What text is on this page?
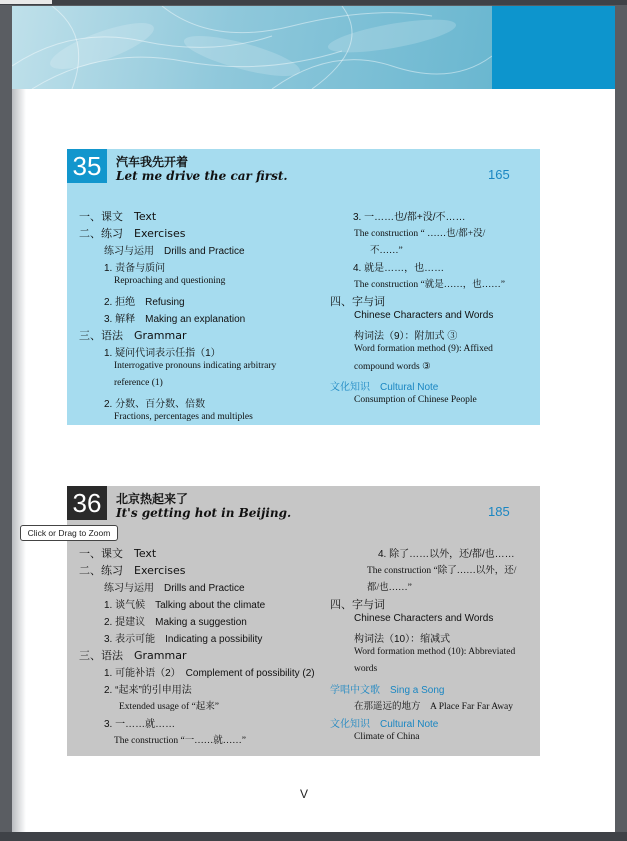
35	汽车我先开着
Let me drive the car first.	165
一、课文　Text
二、练习　Exercises
练习与运用　Drills and Practice
1. 责备与质问
Reproaching and questioning
2. 拒绝　Refusing
3. 解释　Making an explanation
三、语法　Grammar
1. 疑问代词表示任指（1）
Interrogative pronouns indicating arbitrary
reference (1)
2. 分数、百分数、倍数
Fractions, percentages and multiples
3. 一……也/都+没/不……
The construction “ ……也/都+没/
不……”
4. 就是……，也……
The construction “就是……，也……”
四、字与词
Chinese Characters and Words
构词法（9）：附加式 ③
Word formation method (9): Affixed
compound words ③
文化知识　Cultural Note
Consumption of Chinese People
36	北京热起来了
It's getting hot in Beijing.	185
一、课文　Text
二、练习　Exercises
练习与运用　Drills and Practice
1. 谈气候　Talking about the climate
2. 提建议　Making a suggestion
3. 表示可能　Indicating a possibility
三、语法　Grammar
1. 可能补语（2）　Complement of possibility (2)
2. “起来”的引申用法
Extended usage of “起来”
3. 一……就……
The construction “一……就……”
4. 除了……以外，还/都/也……
The construction “除了……以外，还/
都/也……”
四、字与词
Chinese Characters and Words
构词法（10）：缩减式
Word formation method (10): Abbreviated
words
学唱中文歌　Sing a Song
在那遥远的地方　A Place Far Far Away
文化知识　Cultural Note
Climate of China
V
Click or Drag to Zoom
